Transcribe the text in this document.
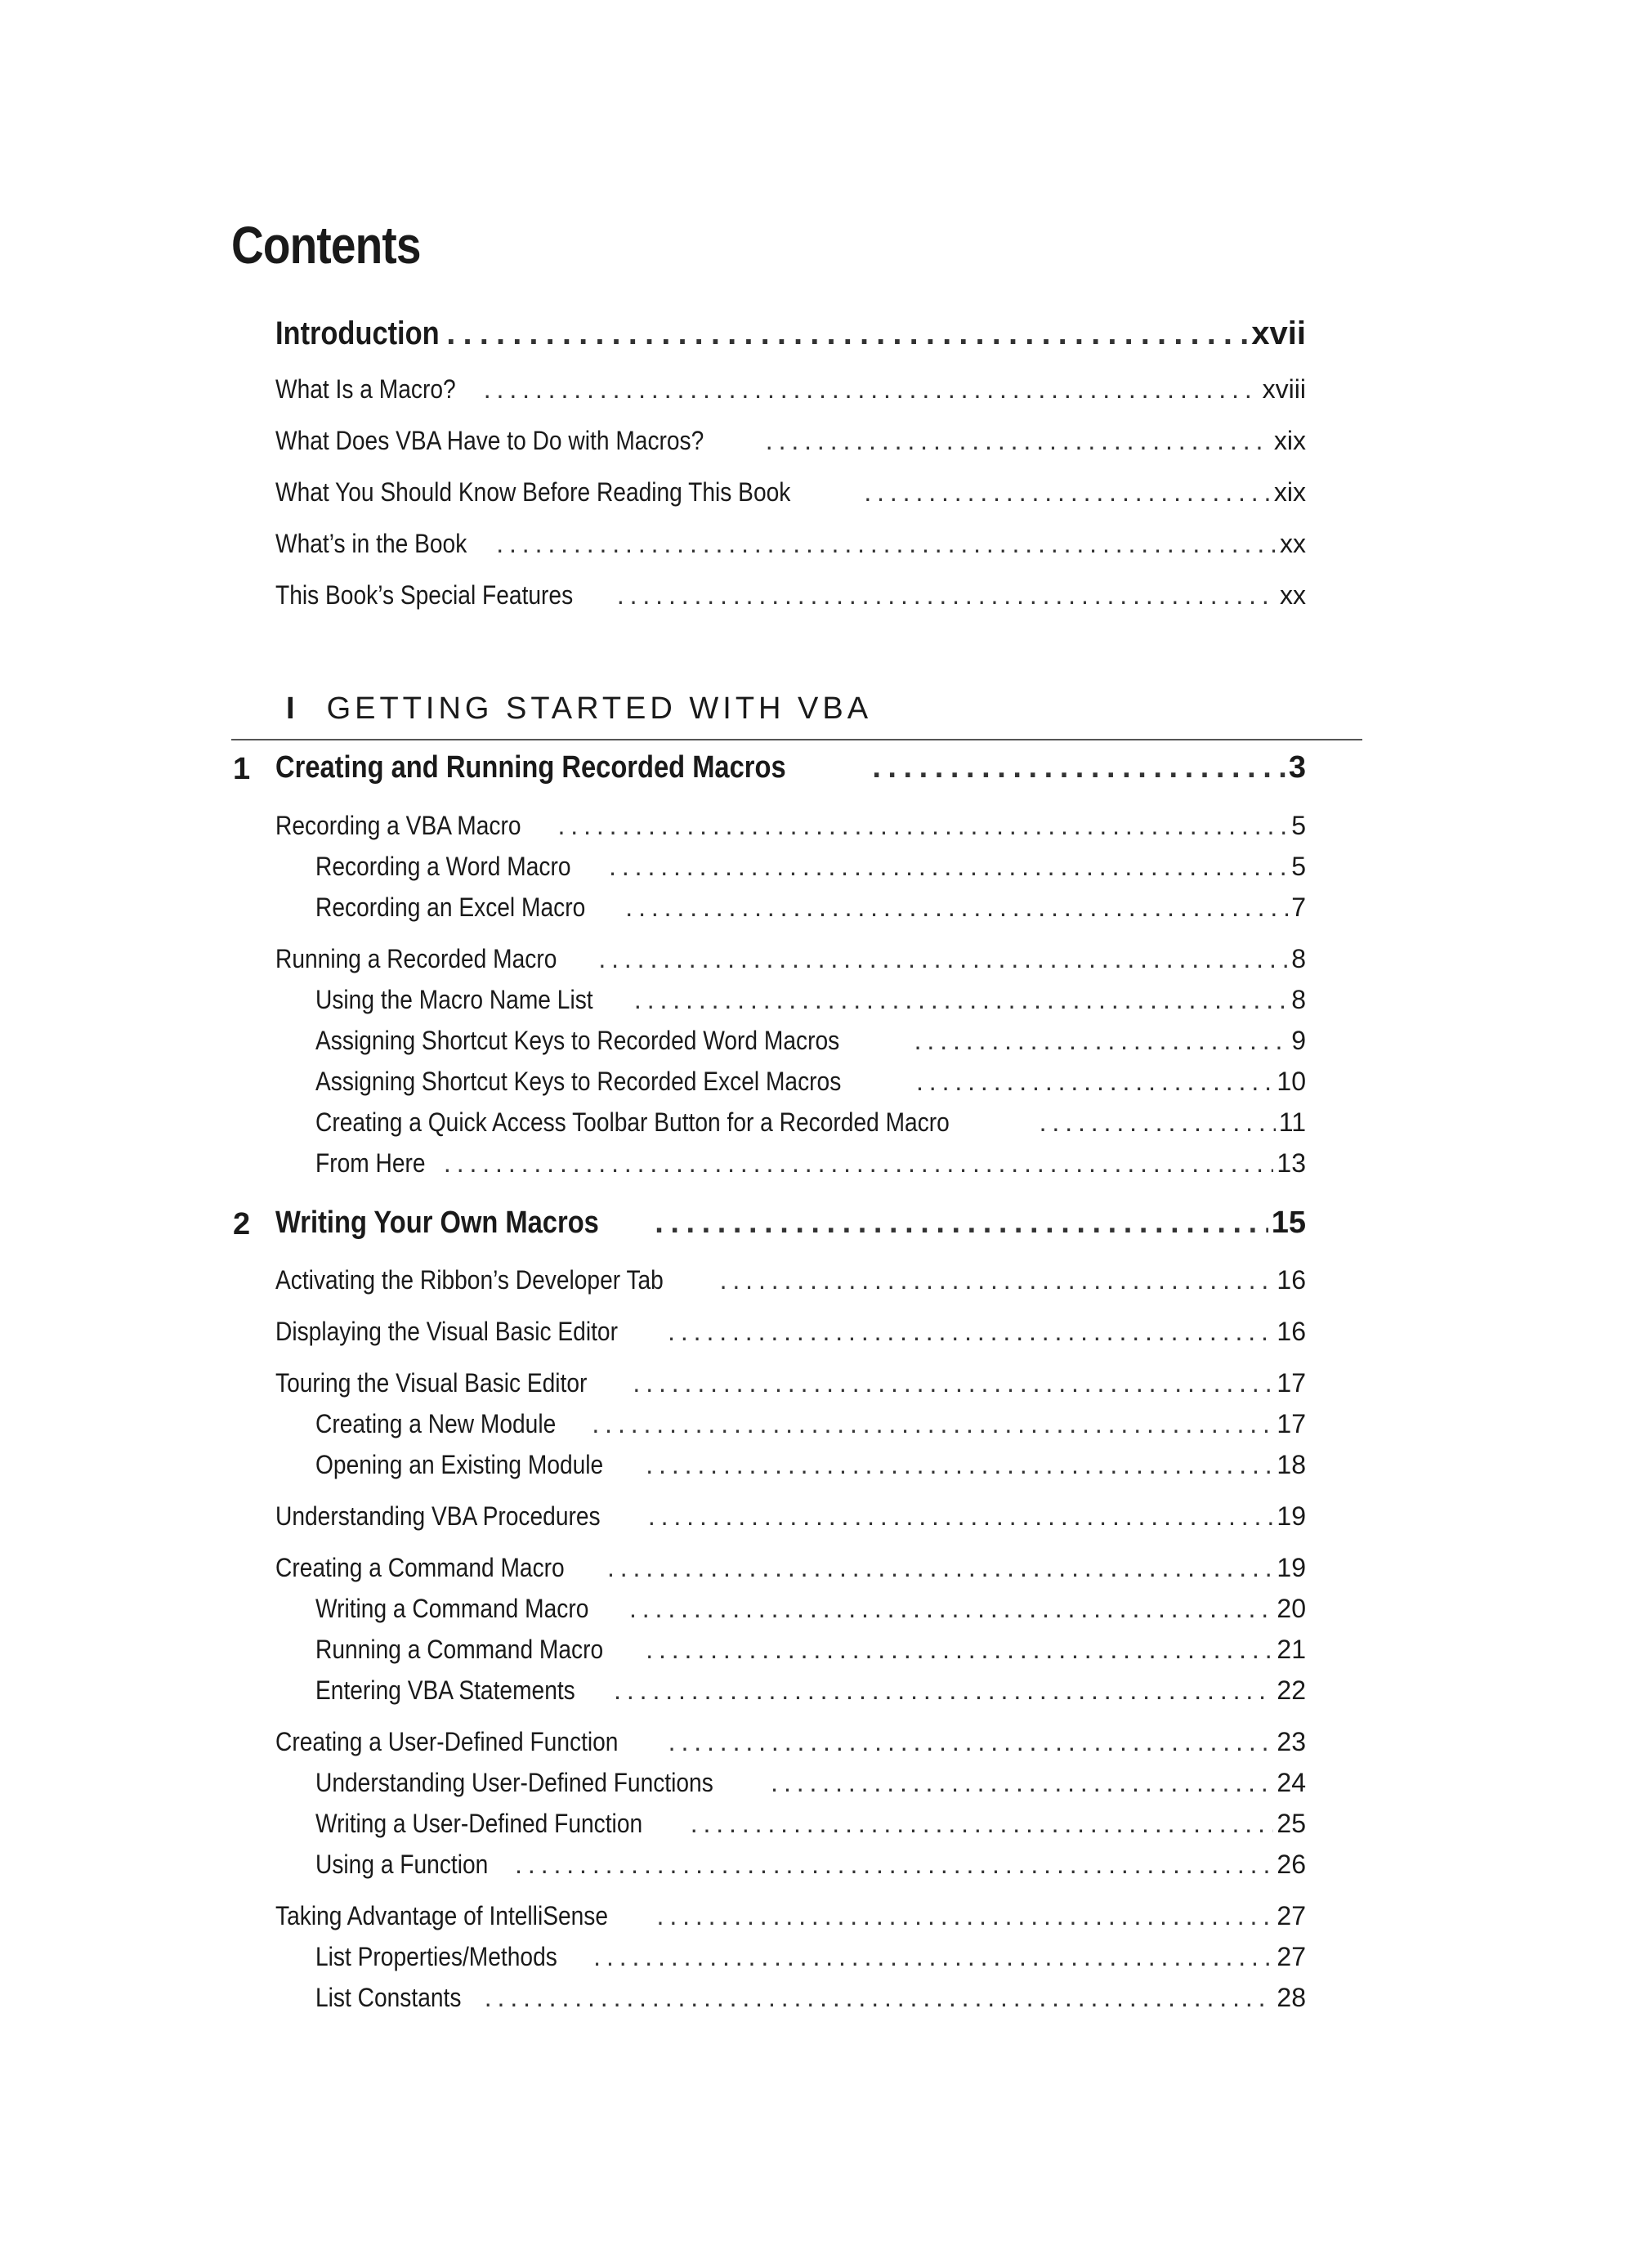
Contents
Introduction . . .	xvii
What Is a Macro? . . .	xviii
What Does VBA Have to Do with Macros? . . .	xix
What You Should Know Before Reading This Book . . .	xix
What’s in the Book . . .	xx
This Book’s Special Features . . .	xx
I GETTING STARTED WITH VBA
1 Creating and Running Recorded Macros . . .	3
Recording a VBA Macro . . .	5
Recording a Word Macro . . .	5
Recording an Excel Macro . . .	7
Running a Recorded Macro . . .	8
Using the Macro Name List . . .	8
Assigning Shortcut Keys to Recorded Word Macros . . .	9
Assigning Shortcut Keys to Recorded Excel Macros . . .	10
Creating a Quick Access Toolbar Button for a Recorded Macro . . .	11
From Here . . .	13
2 Writing Your Own Macros . . .	15
Activating the Ribbon’s Developer Tab . . .	16
Displaying the Visual Basic Editor . . .	16
Touring the Visual Basic Editor . . .	17
Creating a New Module . . .	17
Opening an Existing Module . . .	18
Understanding VBA Procedures . . .	19
Creating a Command Macro . . .	19
Writing a Command Macro . . .	20
Running a Command Macro . . .	21
Entering VBA Statements . . .	22
Creating a User-Defined Function . . .	23
Understanding User-Defined Functions . . .	24
Writing a User-Defined Function . . .	25
Using a Function . . .	26
Taking Advantage of IntelliSense . . .	27
List Properties/Methods . . .	27
List Constants . . .	28
